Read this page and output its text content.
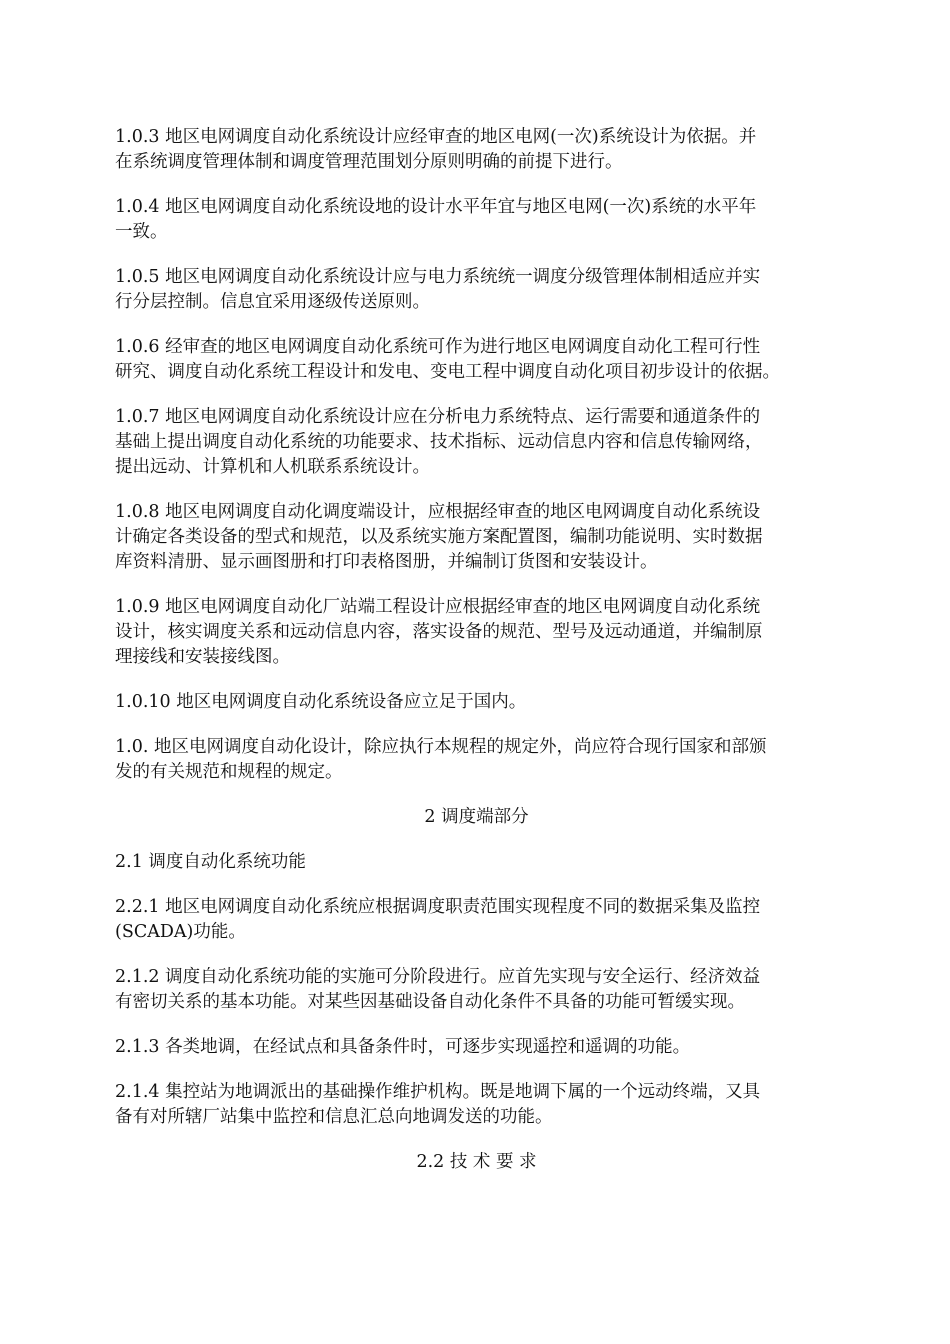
1.0.3 地区电网调度自动化系统设计应经审查的地区电网(一次)系统设计为依据。并
在系统调度管理体制和调度管理范围划分原则明确的前提下进行。
1.0.4 地区电网调度自动化系统设地的设计水平年宜与地区电网(一次)系统的水平年
一致。
1.0.5 地区电网调度自动化系统设计应与电力系统统一调度分级管理体制相适应并实
行分层控制。信息宜采用逐级传送原则。
1.0.6 经审查的地区电网调度自动化系统可作为进行地区电网调度自动化工程可行性
研究、调度自动化系统工程设计和发电、变电工程中调度自动化项目初步设计的依据。
1.0.7 地区电网调度自动化系统设计应在分析电力系统特点、运行需要和通道条件的
基础上提出调度自动化系统的功能要求、技术指标、远动信息内容和信息传输网络，
提出远动、计算机和人机联系系统设计。
1.0.8 地区电网调度自动化调度端设计，应根据经审查的地区电网调度自动化系统设
计确定各类设备的型式和规范，以及系统实施方案配置图，编制功能说明、实时数据
库资料清册、显示画图册和打印表格图册，并编制订货图和安装设计。
1.0.9 地区电网调度自动化厂站端工程设计应根据经审查的地区电网调度自动化系统
设计，核实调度关系和远动信息内容，落实设备的规范、型号及远动通道，并编制原
理接线和安装接线图。
1.0.10 地区电网调度自动化系统设备应立足于国内。
1.0. 地区电网调度自动化设计，除应执行本规程的规定外，尚应符合现行国家和部颁
发的有关规范和规程的规定。
2 调度端部分
2.1 调度自动化系统功能
2.2.1 地区电网调度自动化系统应根据调度职责范围实现程度不同的数据采集及监控
(SCADA)功能。
2.1.2 调度自动化系统功能的实施可分阶段进行。应首先实现与安全运行、经济效益
有密切关系的基本功能。对某些因基础设备自动化条件不具备的功能可暂缓实现。
2.1.3 各类地调，在经试点和具备条件时，可逐步实现遥控和遥调的功能。
2.1.4 集控站为地调派出的基础操作维护机构。既是地调下属的一个远动终端，又具
备有对所辖厂站集中监控和信息汇总向地调发送的功能。
2.2 技 术 要 求
